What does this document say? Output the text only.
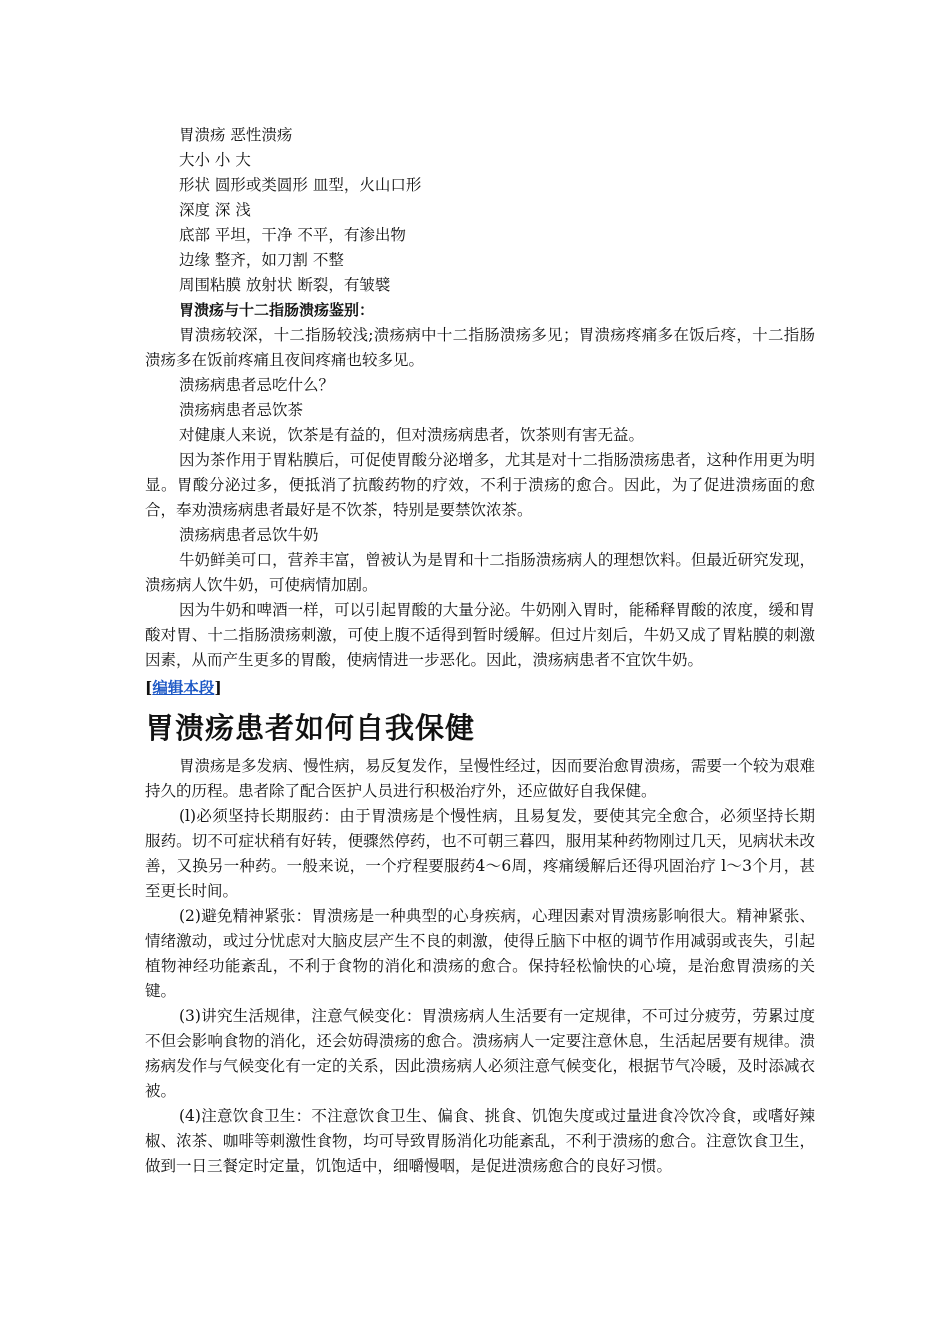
胃溃疡 恶性溃疡
大小 小 大
形状 圆形或类圆形 皿型，火山口形
深度 深 浅
底部 平坦，干净 不平，有渗出物
边缘 整齐，如刀割 不整
周围粘膜 放射状 断裂，有皱襞
胃溃疡与十二指肠溃疡鉴别：

胃溃疡较深，十二指肠较浅;溃疡病中十二指肠溃疡多见；胃溃疡疼痛多在饭后疼，十二指肠溃疡多在饭前疼痛且夜间疼痛也较多见。

溃疡病患者忌吃什么？
溃疡病患者忌饮茶

对健康人来说，饮茶是有益的，但对溃疡病患者，饮茶则有害无益。

因为茶作用于胃粘膜后，可促使胃酸分泌增多，尤其是对十二指肠溃疡患者，这种作用更为明显。胃酸分泌过多，便抵消了抗酸药物的疗效，不利于溃疡的愈合。因此，为了促进溃疡面的愈合，奉劝溃疡病患者最好是不饮茶，特别是要禁饮浓茶。

溃疡病患者忌饮牛奶

牛奶鲜美可口，营养丰富，曾被认为是胃和十二指肠溃疡病人的理想饮料。但最近研究发现，溃疡病人饮牛奶，可使病情加剧。

因为牛奶和啤酒一样，可以引起胃酸的大量分泌。牛奶刚入胃时，能稀释胃酸的浓度，缓和胃酸对胃、十二指肠溃疡刺激，可使上腹不适得到暂时缓解。但过片刻后，牛奶又成了胃粘膜的刺激因素，从而产生更多的胃酸，使病情进一步恶化。因此，溃疡病患者不宜饮牛奶。

[编辑本段]
胃溃疡患者如何自我保健

胃溃疡是多发病、慢性病，易反复发作，呈慢性经过，因而要治愈胃溃疡，需要一个较为艰难持久的历程。患者除了配合医护人员进行积极治疗外，还应做好自我保健。

(l)必须坚持长期服药：由于胃溃疡是个慢性病，且易复发，要使其完全愈合，必须坚持长期服药。切不可症状稍有好转，便骤然停药，也不可朝三暮四，服用某种药物刚过几天，见病状未改善，又换另一种药。一般来说，一个疗程要服药4～6周，疼痛缓解后还得巩固治疗 l～3个月，甚至更长时间。

(2)避免精神紧张：胃溃疡是一种典型的心身疾病，心理因素对胃溃疡影响很大。精神紧张、情绪激动，或过分忧虑对大脑皮层产生不良的刺激，使得丘脑下中枢的调节作用减弱或丧失，引起植物神经功能紊乱，不利于食物的消化和溃疡的愈合。保持轻松愉快的心境，是治愈胃溃疡的关键。

(3)讲究生活规律，注意气候变化：胃溃疡病人生活要有一定规律，不可过分疲劳，劳累过度不但会影响食物的消化，还会妨碍溃疡的愈合。溃疡病人一定要注意休息，生活起居要有规律。溃疡病发作与气候变化有一定的关系，因此溃疡病人必须注意气候变化，根据节气冷暖，及时添减衣被。

(4)注意饮食卫生：不注意饮食卫生、偏食、挑食、饥饱失度或过量进食冷饮冷食，或嗜好辣椒、浓茶、咖啡等刺激性食物，均可导致胃肠消化功能紊乱，不利于溃疡的愈合。注意饮食卫生，做到一日三餐定时定量，饥饱适中，细嚼慢咽，是促进溃疡愈合的良好习惯。
